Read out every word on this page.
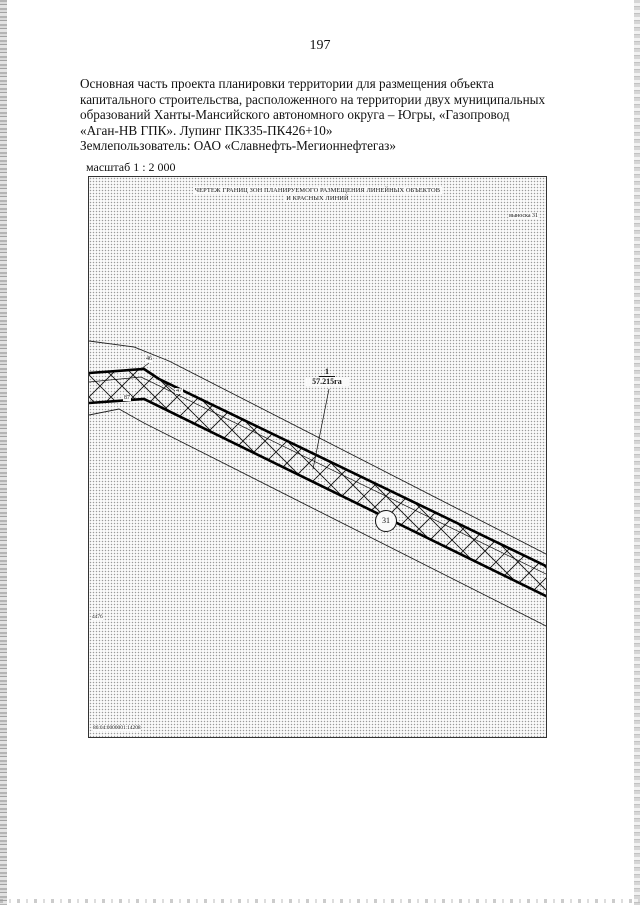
197
Основная часть проекта планировки территории для размещения объекта
капитального строительства, расположенного на территории двух муниципальных
образований Ханты-Мансийского автономного округа – Югры, «Газопровод
«Аган-НВ ГПК». Лупинг ПК335-ПК426+10»
Землепользователь: ОАО «Славнефть-Мегионнефтегаз»
масштаб 1 : 2 000
ЧЕРТЕЖ ГРАНИЦ ЗОН ПЛАНИРУЕМОГО РАЗМЕЩЕНИЯ ЛИНЕЙНЫХ ОБЪЕКТОВ
И КРАСНЫХ ЛИНИЙ
выноска 31
46
47
87
1
57.215га
31
4476
86:04:0000001:14208
